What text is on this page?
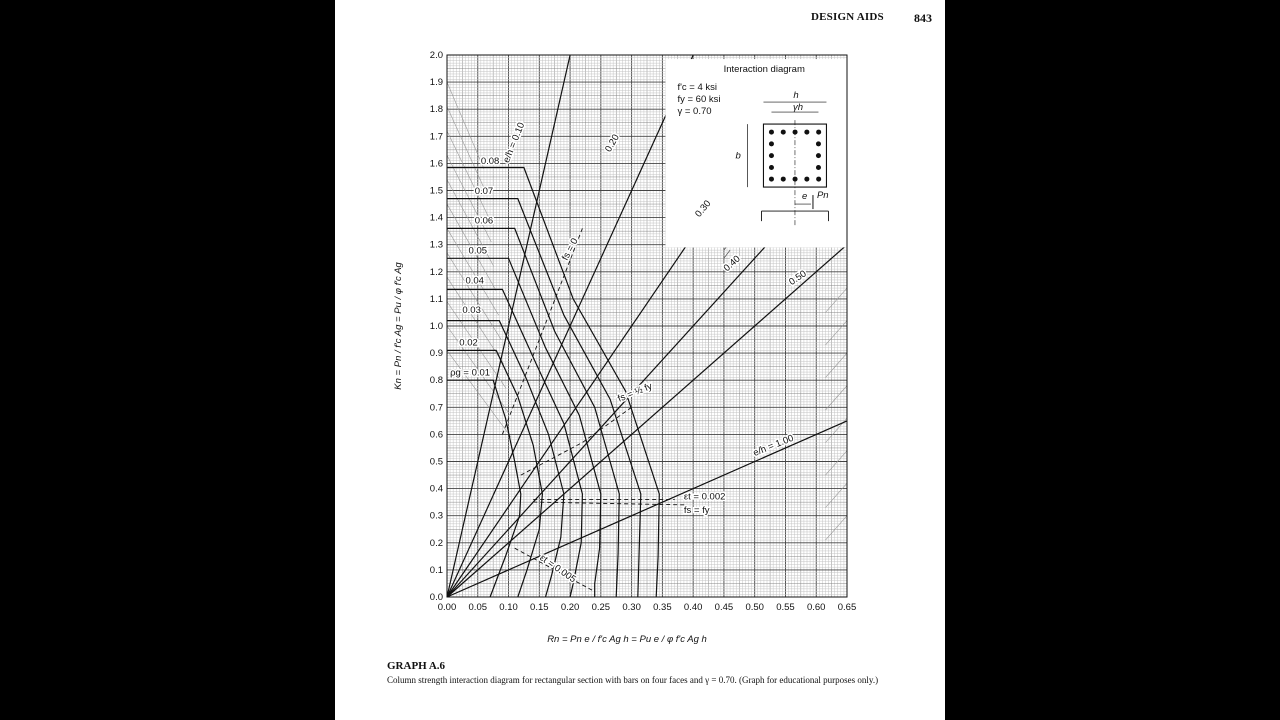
DESIGN AIDS	843
Interaction diagram
f'c = 4 ksi
fy = 60 ksi
γ = 0.70
h
γh
b
e Pn
ρg = 0.01
0.02
0.03
0.04
0.05
0.06
0.07
0.08 e/h = 0.10	0.20
0.30
0.40
0.50
e/h = 1.00
fs = 0
fs = ½ fy
εt = 0.002
fs = fy
εt = 0.005
0.00 0.05 0.10 0.15 0.20 0.25 0.30 0.35 0.40 0.45 0.50 0.55 0.60 0.65
0.0
0.1
0.2
0.3
0.4
0.5
0.6
0.7
0.8
0.9
1.0
1.1
1.2
1.3
1.4
1.5
1.6
1.7
1.8
1.9
2.0
Rn = Pn e / f'c Ag h = Pu e / φ f'c Ag h
Kn = Pn / f'c Ag = Pu / φ f'c Ag
GRAPH A.6
Column strength interaction diagram for rectangular section with bars on four faces and γ = 0.70. (Graph for educational purposes only.)
